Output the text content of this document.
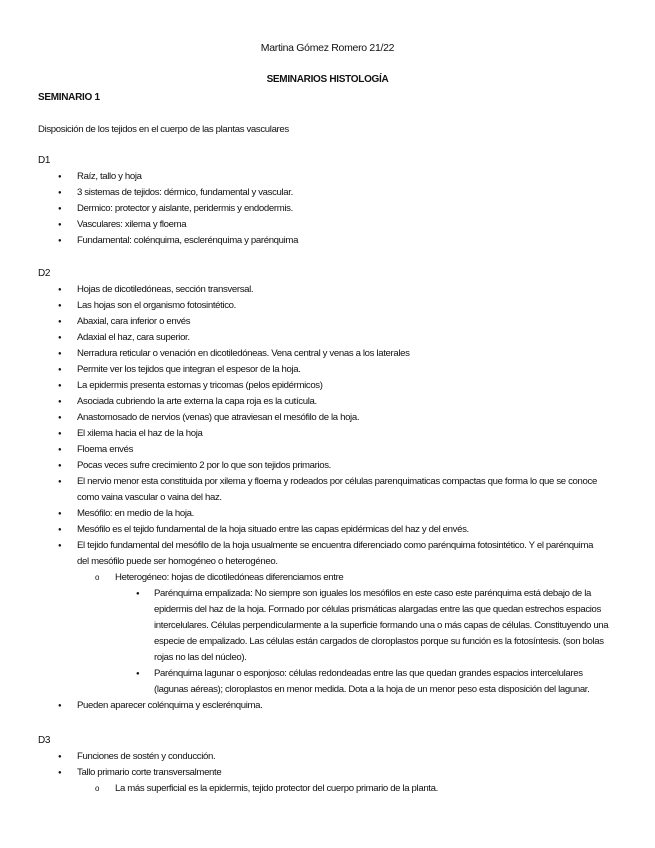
Martina Gómez Romero 21/22
SEMINARIOS HISTOLOGÍA
SEMINARIO 1
Disposición de los tejidos en el cuerpo de las plantas vasculares
D1
● Raíz, tallo y hoja
● 3 sistemas de tejidos: dérmico, fundamental y vascular.
● Dermico: protector y aislante, peridermis y endodermis.
● Vasculares: xilema y floema
● Fundamental: colénquima, esclerénquima y parénquima
D2
● Hojas de dicotiledóneas, sección transversal.
● Las hojas son el organismo fotosintético.
● Abaxial, cara inferior o envés
● Adaxial el haz, cara superior.
● Nerradura reticular o venación en dicotiledóneas. Vena central y venas a los laterales
● Permite ver los tejidos que integran el espesor de la hoja.
● La epidermis presenta estomas y tricomas (pelos epidérmicos)
● Asociada cubriendo la arte externa la capa roja es la cutícula.
● Anastomosado de nervios (venas) que atraviesan el mesófilo de la hoja.
● El xilema hacia el haz de la hoja
● Floema envés
● Pocas veces sufre crecimiento 2 por lo que son tejidos primarios.
● El nervio menor esta constituida por xilema y floema y rodeados por células parenquimaticas compactas que forma lo que se conoce como vaina vascular o vaina del haz.
● Mesófilo: en medio de la hoja.
● Mesófilo es el tejido fundamental de la hoja situado entre las capas epidérmicas del haz y del envés.
● El tejido fundamental del mesófilo de la hoja usualmente se encuentra diferenciado como parénquima fotosintético. Y el parénquima del mesófilo puede ser homogéneo o heterogéneo.
o Heterogéneo: hojas de dicotiledóneas diferenciamos entre
● Parénquima empalizada: No siempre son iguales los mesófilos en este caso este parénquima está debajo de la epidermis del haz de la hoja. Formado por células prismáticas alargadas entre las que quedan estrechos espacios intercelulares. Células perpendicularmente a la superficie formando una o más capas de células. Constituyendo una especie de empalizado. Las células están cargados de cloroplastos porque su función es la fotosíntesis. (son bolas rojas no las del núcleo).
● Parénquima lagunar o esponjoso: células redondeadas entre las que quedan grandes espacios intercelulares (lagunas aéreas); cloroplastos en menor medida. Dota a la hoja de un menor peso esta disposición del lagunar.
● Pueden aparecer colénquima y esclerénquima.
D3
● Funciones de sostén y conducción.
● Tallo primario corte transversalmente
o La más superficial es la epidermis, tejido protector del cuerpo primario de la planta.
